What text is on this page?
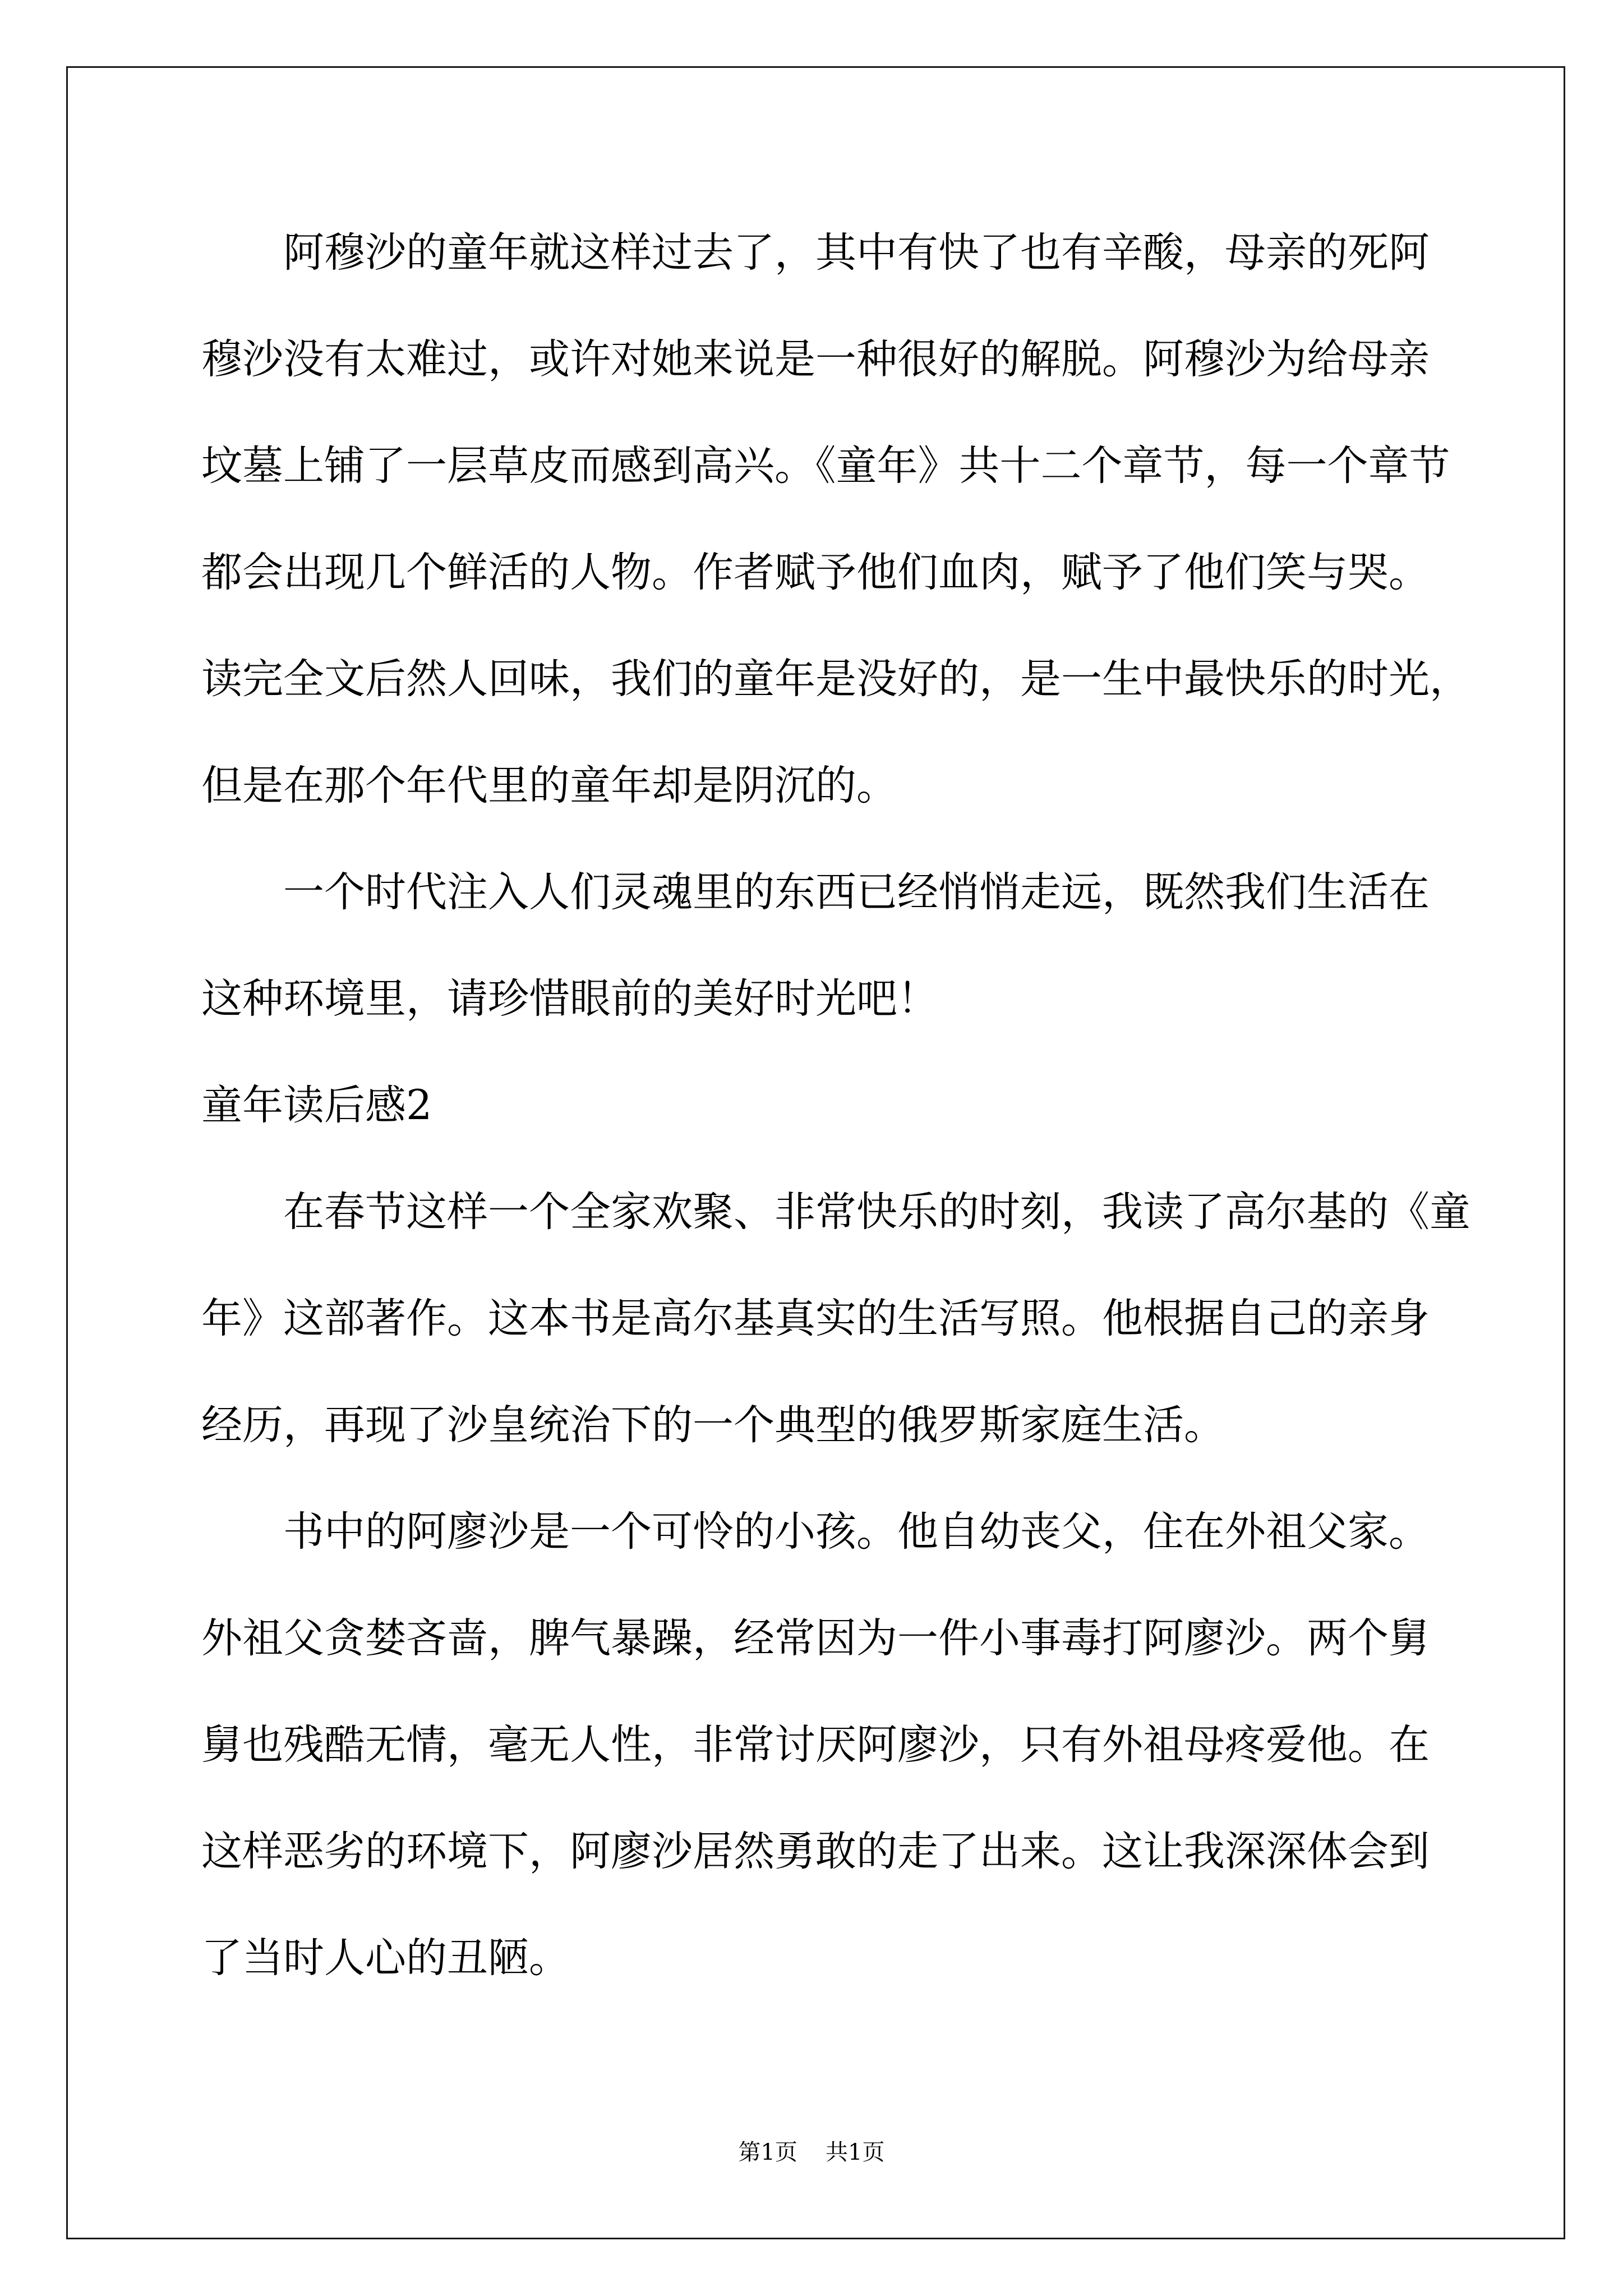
阿穆沙的童年就这样过去了，其中有快了也有辛酸，母亲的死阿
穆沙没有太难过，或许对她来说是一种很好的解脱。阿穆沙为给母亲
坟墓上铺了一层草皮而感到高兴。《童年》共十二个章节，每一个章节
都会出现几个鲜活的人物。作者赋予他们血肉，赋予了他们笑与哭。
读完全文后然人回味，我们的童年是没好的，是一生中最快乐的时光，
但是在那个年代里的童年却是阴沉的。
一个时代注入人们灵魂里的东西已经悄悄走远，既然我们生活在
这种环境里，请珍惜眼前的美好时光吧！
童年读后感2
在春节这样一个全家欢聚、非常快乐的时刻，我读了高尔基的《童
年》这部著作。这本书是高尔基真实的生活写照。他根据自己的亲身
经历，再现了沙皇统治下的一个典型的俄罗斯家庭生活。
书中的阿廖沙是一个可怜的小孩。他自幼丧父，住在外祖父家。
外祖父贪婪吝啬，脾气暴躁，经常因为一件小事毒打阿廖沙。两个舅
舅也残酷无情，毫无人性，非常讨厌阿廖沙，只有外祖母疼爱他。在
这样恶劣的环境下，阿廖沙居然勇敢的走了出来。这让我深深体会到
了当时人心的丑陋。
第1页 共1页
